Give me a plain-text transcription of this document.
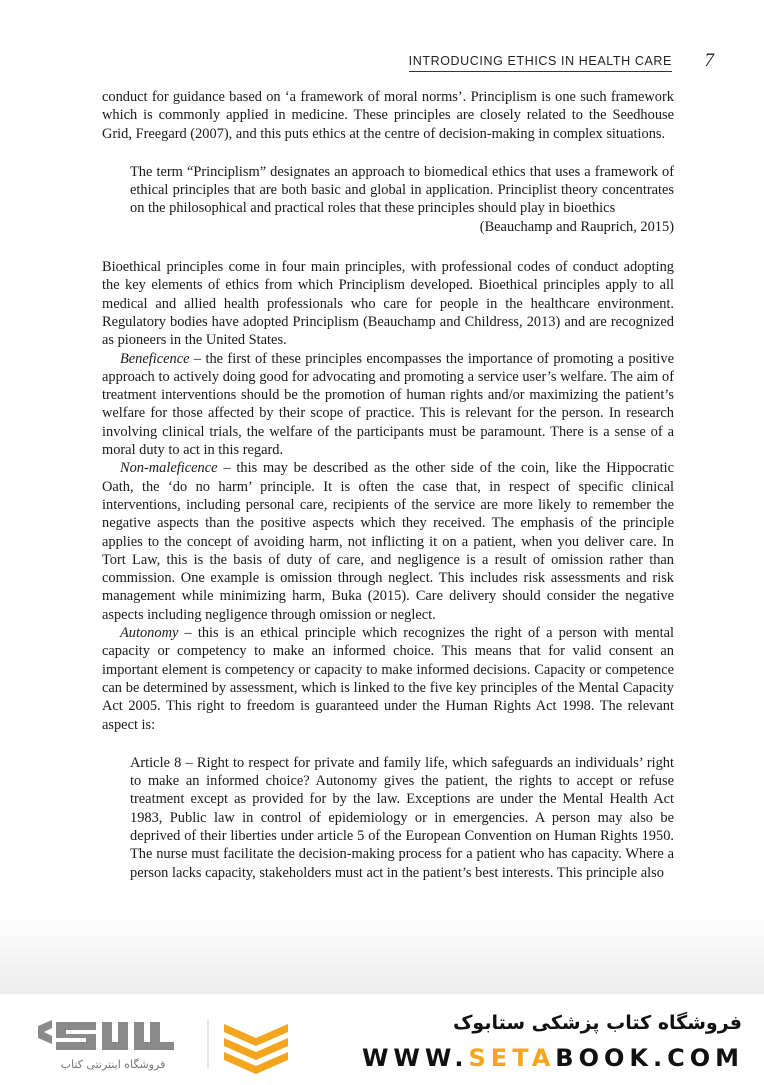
INTRODUCING ETHICS IN HEALTH CARE 7

conduct for guidance based on ‘a framework of moral norms’. Principlism is one such framework which is commonly applied in medicine. These principles are closely related to the Seedhouse Grid, Freegard (2007), and this puts ethics at the centre of decision-making in complex situations.

The term “Principlism” designates an approach to biomedical ethics that uses a framework of ethical principles that are both basic and global in application. Principlist theory concentrates on the philosophical and practical roles that these principles should play in bioethics

(Beauchamp and Rauprich, 2015)

Bioethical principles come in four main principles, with professional codes of conduct adopting the key elements of ethics from which Principlism developed. Bioethical principles apply to all medical and allied health professionals who care for people in the healthcare environment. Regulatory bodies have adopted Principlism (Beauchamp and Childress, 2013) and are recognized as pioneers in the United States.

Beneficence – the first of these principles encompasses the importance of promoting a positive approach to actively doing good for advocating and promoting a service user’s welfare. The aim of treatment interventions should be the promotion of human rights and/or maximizing the patient’s welfare for those affected by their scope of practice. This is relevant for the person. In research involving clinical trials, the welfare of the participants must be paramount. There is a sense of a moral duty to act in this regard.

Non-maleficence – this may be described as the other side of the coin, like the Hippocratic Oath, the ‘do no harm’ principle. It is often the case that, in respect of specific clinical interventions, including personal care, recipients of the service are more likely to remember the negative aspects than the positive aspects which they received. The emphasis of the principle applies to the concept of avoiding harm, not inflicting it on a patient, when you deliver care. In Tort Law, this is the basis of duty of care, and negligence is a result of omission rather than commission. One example is omission through neglect. This includes risk assessments and risk management while minimizing harm, Buka (2015). Care delivery should consider the negative aspects including negligence through omission or neglect.

Autonomy – this is an ethical principle which recognizes the right of a person with mental capacity or competency to make an informed choice. This means that for valid consent an important element is competency or capacity to make informed decisions. Capacity or competence can be determined by assessment, which is linked to the five key principles of the Mental Capacity Act 2005. This right to freedom is guaranteed under the Human Rights Act 1998. The relevant aspect is:

Article 8 – Right to respect for private and family life, which safeguards an individuals’ right to make an informed choice? Autonomy gives the patient, the rights to accept or refuse treatment except as provided for by the law. Exceptions are under the Mental Health Act 1983, Public law in control of epidemiology or in emergencies. A person may also be deprived of their liberties under article 5 of the European Convention on Human Rights 1950. The nurse must facilitate the decision-making process for a patient who has capacity. Where a person lacks capacity, stakeholders must act in the patient’s best interests. This principle also

فروشگاه اینترنتی کتاب
فروشگاه کتاب پزشکی ستابوک
WWW.SETABOOK.COM
